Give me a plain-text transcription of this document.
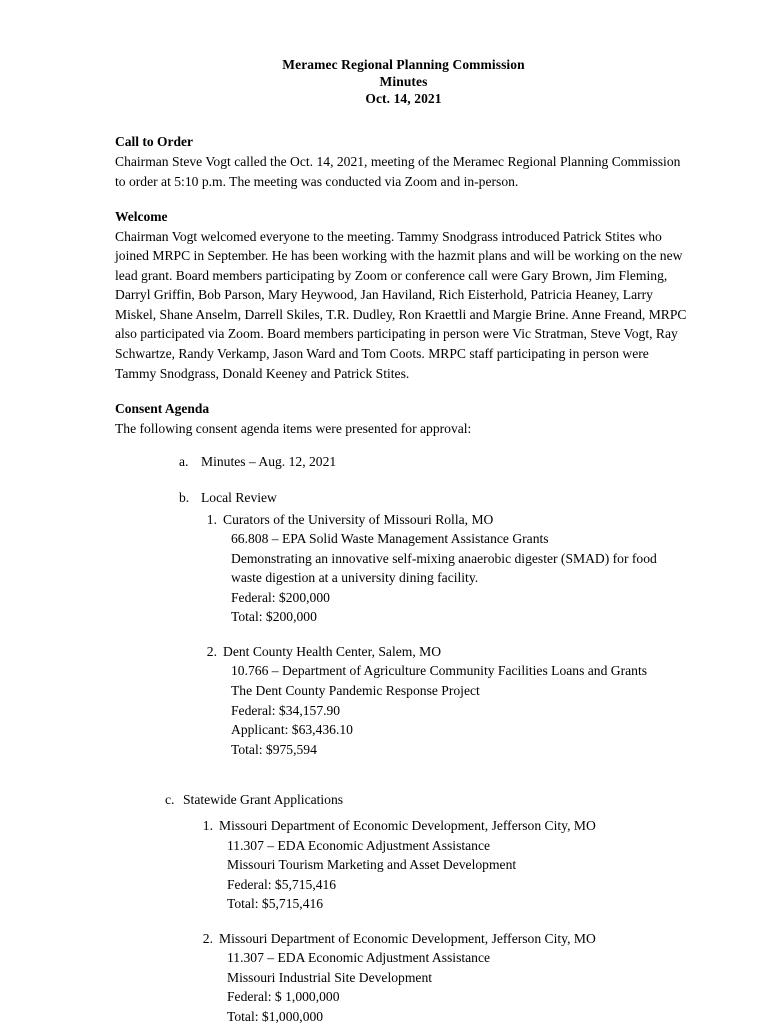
Meramec Regional Planning Commission
Minutes
Oct. 14, 2021
Call to Order

Chairman Steve Vogt called the Oct. 14, 2021, meeting of the Meramec Regional Planning Commission to order at 5:10 p.m. The meeting was conducted via Zoom and in-person.

Welcome

Chairman Vogt welcomed everyone to the meeting. Tammy Snodgrass introduced Patrick Stites who joined MRPC in September. He has been working with the hazmit plans and will be working on the new lead grant. Board members participating by Zoom or conference call were Gary Brown, Jim Fleming, Darryl Griffin, Bob Parson, Mary Heywood, Jan Haviland, Rich Eisterhold, Patricia Heaney, Larry Miskel, Shane Anselm, Darrell Skiles, T.R. Dudley, Ron Kraettli and Margie Brine. Anne Freand, MRPC also participated via Zoom. Board members participating in person were Vic Stratman, Steve Vogt, Ray Schwartze, Randy Verkamp, Jason Ward and Tom Coots. MRPC staff participating in person were Tammy Snodgrass, Donald Keeney and Patrick Stites.

Consent Agenda

The following consent agenda items were presented for approval:

a. Minutes – Aug. 12, 2021
b. Local Review
1. Curators of the University of Missouri Rolla, MO
66.808 – EPA Solid Waste Management Assistance Grants
Demonstrating an innovative self-mixing anaerobic digester (SMAD) for food
waste digestion at a university dining facility.
Federal: $200,000
Total: $200,000
2. Dent County Health Center, Salem, MO
10.766 – Department of Agriculture Community Facilities Loans and Grants
The Dent County Pandemic Response Project
Federal: $34,157.90
Applicant: $63,436.10
Total: $975,594
c. Statewide Grant Applications
1. Missouri Department of Economic Development, Jefferson City, MO
11.307 – EDA Economic Adjustment Assistance
Missouri Tourism Marketing and Asset Development
Federal: $5,715,416
Total: $5,715,416
2. Missouri Department of Economic Development, Jefferson City, MO
11.307 – EDA Economic Adjustment Assistance
Missouri Industrial Site Development
Federal: $ 1,000,000
Total: $1,000,000
